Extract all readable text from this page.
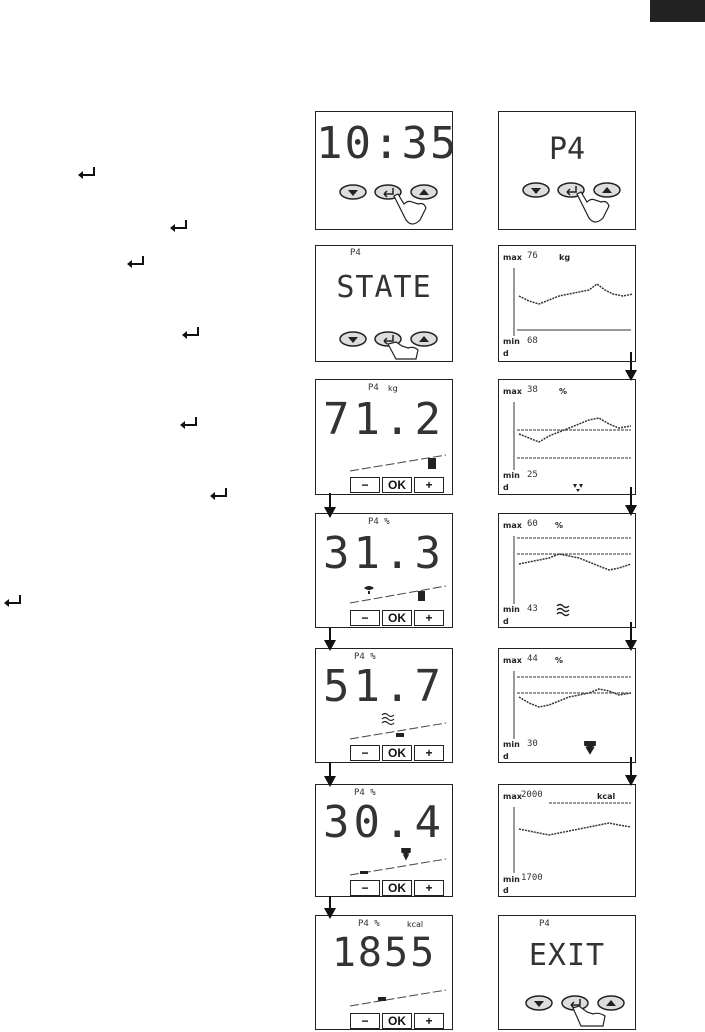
10:35
P4
STATE
P4 kg
71.2
−	OK	+
P4 %
31.3
−	OK	+
P4 %
51.7
−	OK	+
P4 %
30.4
−	OK	+
P4 %	kcal
1855
−	OK	+
P4
max 76	kg
min 68
d
max 38	%
min 25
d
max 60 %
min 43
d
max 44 %
min 30
d
max 2000	kcal
min 1700
d
P4
EXIT
